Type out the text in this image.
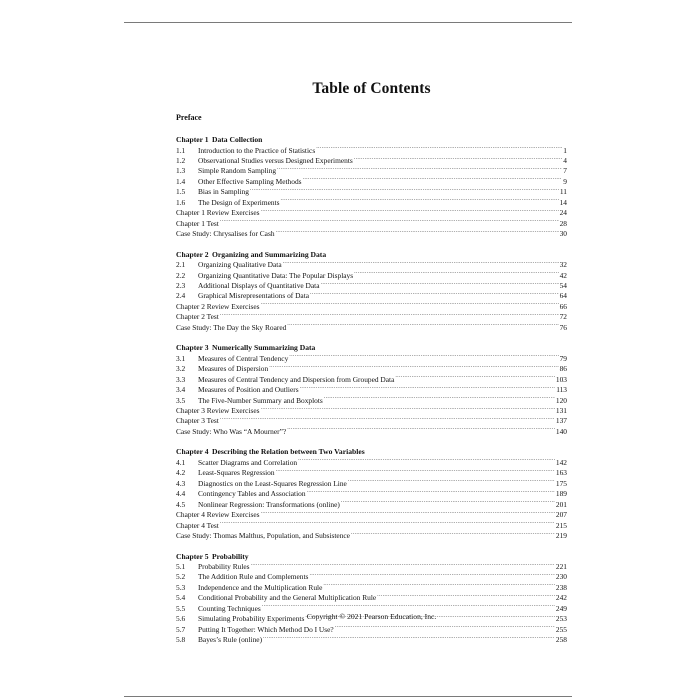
Table of Contents
Preface
Chapter 1 Data Collection
1.1	Introduction to the Practice of Statistics .....	1
1.2	Observational Studies versus Designed Experiments .....	4
1.3	Simple Random Sampling .....	7
1.4	Other Effective Sampling Methods .....	9
1.5	Bias in Sampling .....	11
1.6	The Design of Experiments .....	14
Chapter 1 Review Exercises .....	24
Chapter 1 Test .....	28
Case Study: Chrysalises for Cash .....	30
Chapter 2 Organizing and Summarizing Data
2.1	Organizing Qualitative Data .....	32
2.2	Organizing Quantitative Data: The Popular Displays .....	42
2.3	Additional Displays of Quantitative Data .....	54
2.4	Graphical Misrepresentations of Data .....	64
Chapter 2 Review Exercises .....	66
Chapter 2 Test .....	72
Case Study: The Day the Sky Roared .....	76
Chapter 3 Numerically Summarizing Data
3.1	Measures of Central Tendency .....	79
3.2	Measures of Dispersion .....	86
3.3	Measures of Central Tendency and Dispersion from Grouped Data .....	103
3.4	Measures of Position and Outliers .....	113
3.5	The Five-Number Summary and Boxplots .....	120
Chapter 3 Review Exercises .....	131
Chapter 3 Test .....	137
Case Study: Who Was “A Mourner”? .....	140
Chapter 4 Describing the Relation between Two Variables
4.1	Scatter Diagrams and Correlation .....	142
4.2	Least-Squares Regression .....	163
4.3	Diagnostics on the Least-Squares Regression Line .....	175
4.4	Contingency Tables and Association .....	189
4.5	Nonlinear Regression: Transformations (online) .....	201
Chapter 4 Review Exercises .....	207
Chapter 4 Test .....	215
Case Study: Thomas Malthus, Population, and Subsistence .....	219
Chapter 5 Probability
5.1	Probability Rules .....	221
5.2	The Addition Rule and Complements .....	230
5.3	Independence and the Multiplication Rule .....	238
5.4	Conditional Probability and the General Multiplication Rule .....	242
5.5	Counting Techniques .....	249
5.6	Simulating Probability Experiments .....	253
5.7	Putting It Together: Which Method Do I Use? .....	255
5.8	Bayes’s Rule (online) .....	258
Copyright © 2021 Pearson Education, Inc.
